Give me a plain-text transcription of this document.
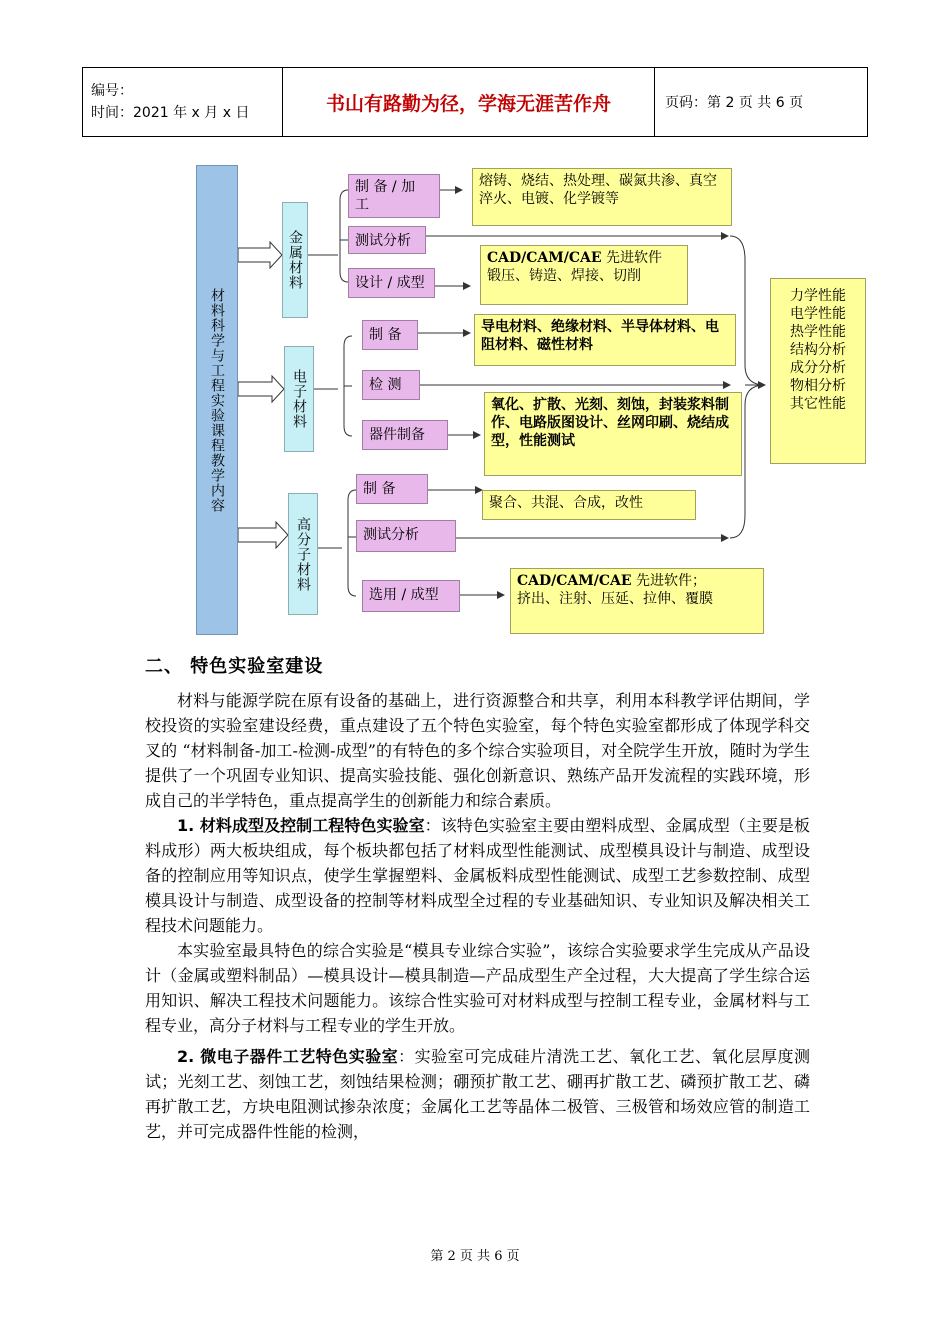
编号：
时间：2021 年 x 月 x 日	书山有路勤为径，学海无涯苦作舟	页码：第 2 页 共 6 页
材料科学与工程实验课程教学内容
金属材料
电子材料
高分子材料
制 备 / 加 工
测试分析
设计 / 成型
熔铸、烧结、热处理、碳氮共渗、真空淬火、电镀、化学镀等
CAD/CAM/CAE 先进软件
锻压、铸造、焊接、切削
制 备
检 测
器件制备
导电材料、绝缘材料、半导体材料、电阻材料、磁性材料
氧化、扩散、光刻、刻蚀，封装浆料制作、电路版图设计、丝网印刷、烧结成型，性能测试
制 备
测试分析
选用 / 成型
聚合、共混、合成，改性
CAD/CAM/CAE 先进软件；
挤出、注射、压延、拉伸、覆膜
力学性能
电学性能
热学性能
结构分析
成分分析
物相分析
其它性能
二、 特色实验室建设

材料与能源学院在原有设备的基础上，进行资源整合和共享，利用本科教学评估期间，学校投资的实验室建设经费，重点建设了五个特色实验室，每个特色实验室都形成了体现学科交叉的 “材料制备-加工-检测-成型”的有特色的多个综合实验项目，对全院学生开放，随时为学生提供了一个巩固专业知识、提高实验技能、强化创新意识、熟练产品开发流程的实践环境，形成自己的半学特色，重点提高学生的创新能力和综合素质。

1. 材料成型及控制工程特色实验室：该特色实验室主要由塑料成型、金属成型（主要是板料成形）两大板块组成，每个板块都包括了材料成型性能测试、成型模具设计与制造、成型设备的控制应用等知识点，使学生掌握塑料、金属板料成型性能测试、成型工艺参数控制、成型模具设计与制造、成型设备的控制等材料成型全过程的专业基础知识、专业知识及解决相关工程技术问题能力。

本实验室最具特色的综合实验是“模具专业综合实验”，该综合实验要求学生完成从产品设计（金属或塑料制品）—模具设计—模具制造—产品成型生产全过程，大大提高了学生综合运用知识、解决工程技术问题能力。该综合性实验可对材料成型与控制工程专业，金属材料与工程专业，高分子材料与工程专业的学生开放。

2. 微电子器件工艺特色实验室：实验室可完成硅片清洗工艺、氧化工艺、氧化层厚度测试；光刻工艺、刻蚀工艺，刻蚀结果检测；硼预扩散工艺、硼再扩散工艺、磷预扩散工艺、磷再扩散工艺，方块电阻测试掺杂浓度；金属化工艺等晶体二极管、三极管和场效应管的制造工艺，并可完成器件性能的检测，

第 2 页 共 6 页
